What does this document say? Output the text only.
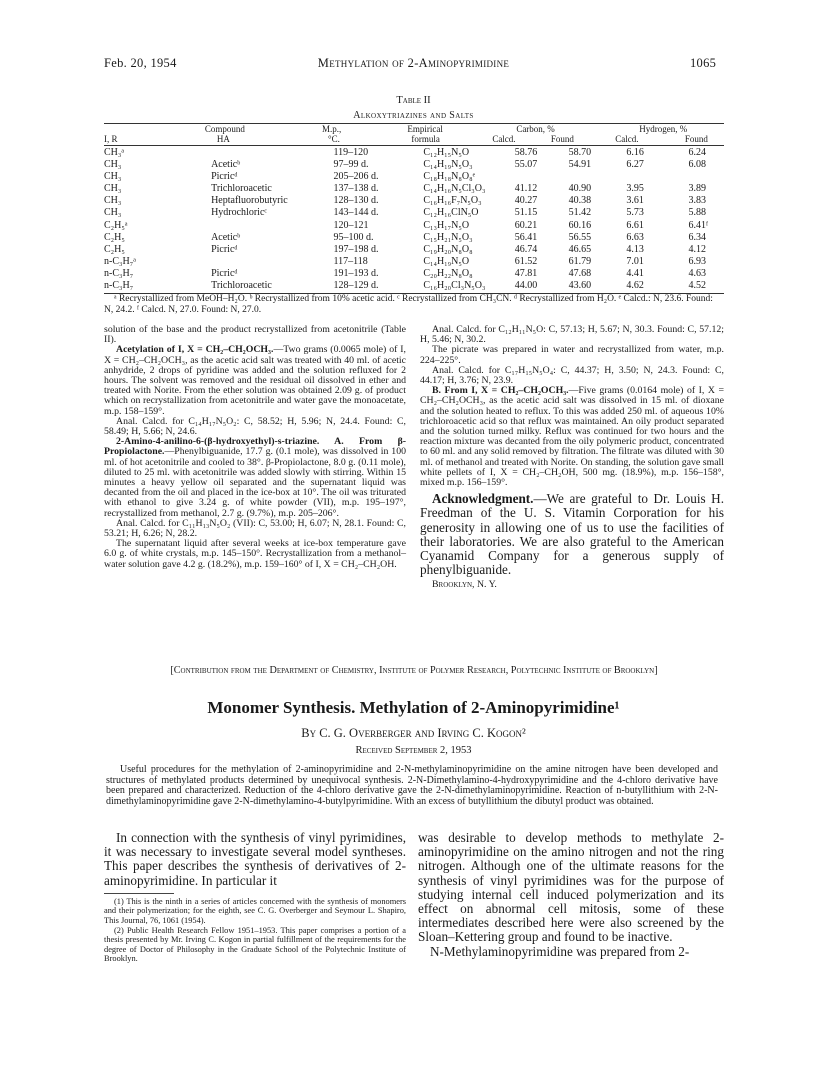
Feb. 20, 1954	Methylation of 2-Aminopyrimidine	1065
Table II
Alkoxytriazines and Salts
	Compound	M.p.,	Empirical	Carbon, %		Hydrogen, %	
I, R	HA	°C.	formula	Calcd.	Found	Calcd.	Found
CH₃ᵃ		119–120	C₁₂H₁₅N₅O	58.76	58.70	6.16	6.24
CH₃	Aceticᵇ	97–99 d.	C₁₄H₁₉N₅O₃	55.07	54.91	6.27	6.08
CH₃	Picricᵈ	205–206 d.	C₁₈H₁₈N₈O₈ᵉ				
CH₃	Trichloroacetic	137–138 d.	C₁₄H₁₆N₅Cl₃O₃	41.12	40.90	3.95	3.89
CH₃	Heptafluorobutyric	128–130 d.	C₁₆H₁₆F₇N₅O₃	40.27	40.38	3.61	3.83
CH₃	Hydrochloricᶜ	143–144 d.	C₁₂H₁₆ClN₅O	51.15	51.42	5.73	5.88
C₂H₅ᵃ		120–121	C₁₃H₁₇N₅O	60.21	60.16	6.61	6.41ᶠ
C₂H₅	Aceticᵇ	95–100 d.	C₁₅H₂₁N₅O₃	56.41	56.55	6.63	6.34
C₂H₅	Picricᵈ	197–198 d.	C₁₉H₂₀N₈O₈	46.74	46.65	4.13	4.12
n-C₃H₇ᵃ		117–118	C₁₄H₁₉N₅O	61.52	61.79	7.01	6.93
n-C₃H₇	Picricᵈ	191–193 d.	C₂₀H₂₂N₈O₈	47.81	47.68	4.41	4.63
n-C₃H₇	Trichloroacetic	128–129 d.	C₁₆H₂₀Cl₃N₅O₃	44.00	43.60	4.62	4.52
ᵃ Recrystallized from MeOH–H₂O. ᵇ Recrystallized from 10% acetic acid. ᶜ Recrystallized from CH₃CN. ᵈ Recrystallized from H₂O. ᵉ Calcd.: N, 23.6. Found: N, 24.2. ᶠ Calcd. N, 27.0. Found: N, 27.0.

solution of the base and the product recrystallized from acetonitrile (Table II).

Acetylation of I, X = CH₂–CH₂OCH₃.—Two grams (0.0065 mole) of I, X = CH₂–CH₂OCH₃, as the acetic acid salt was treated with 40 ml. of acetic anhydride, 2 drops of pyridine was added and the solution refluxed for 2 hours. The solvent was removed and the residual oil dissolved in ether and treated with Norite. From the ether solution was obtained 2.09 g. of product which on recrystallization from acetonitrile and water gave the monoacetate, m.p. 158–159°.

Anal. Calcd. for C₁₄H₁₇N₅O₂: C, 58.52; H, 5.96; N, 24.4. Found: C, 58.49; H, 5.66; N, 24.6.

2-Amino-4-anilino-6-(β-hydroxyethyl)-s-triazine. A. From β-Propiolactone.—Phenylbiguanide, 17.7 g. (0.1 mole), was dissolved in 100 ml. of hot acetonitrile and cooled to 38°. β-Propiolactone, 8.0 g. (0.11 mole), diluted to 25 ml. with acetonitrile was added slowly with stirring. Within 15 minutes a heavy yellow oil separated and the supernatant liquid was decanted from the oil and placed in the ice-box at 10°. The oil was triturated with ethanol to give 3.24 g. of white powder (VII), m.p. 195–197°, recrystallized from methanol, 2.7 g. (9.7%), m.p. 205–206°.

Anal. Calcd. for C₁₁H₁₃N₅O₂ (VII): C, 53.00; H, 6.07; N, 28.1. Found: C, 53.21; H, 6.26; N, 28.2.

The supernatant liquid after several weeks at ice-box temperature gave 6.0 g. of white crystals, m.p. 145–150°. Recrystallization from a methanol–water solution gave 4.2 g. (18.2%), m.p. 159–160° of I, X = CH₂–CH₂OH.

Anal. Calcd. for C₁₂H₁₁N₅O: C, 57.13; H, 5.67; N, 30.3. Found: C, 57.12; H, 5.46; N, 30.2.

The picrate was prepared in water and recrystallized from water, m.p. 224–225°.

Anal. Calcd. for C₁₇H₁₅N₅O₄: C, 44.37; H, 3.50; N, 24.3. Found: C, 44.17; H, 3.76; N, 23.9.

B. From I, X = CH₂–CH₂OCH₃.—Five grams (0.0164 mole) of I, X = CH₂–CH₂OCH₃, as the acetic acid salt was dissolved in 15 ml. of dioxane and the solution heated to reflux. To this was added 250 ml. of aqueous 10% trichloroacetic acid so that reflux was maintained. An oily product separated and the solution turned milky. Reflux was continued for two hours and the reaction mixture was decanted from the oily polymeric product, concentrated to 60 ml. and any solid removed by filtration. The filtrate was diluted with 30 ml. of methanol and treated with Norite. On standing, the solution gave small white pellets of I, X = CH₂–CH₂OH, 500 mg. (18.9%), m.p. 156–158°, mixed m.p. 156–159°.

Acknowledgment.—We are grateful to Dr. Louis H. Freedman of the U. S. Vitamin Corporation for his generosity in allowing one of us to use the facilities of their laboratories. We are also grateful to the American Cyanamid Company for a generous supply of phenylbiguanide.

Brooklyn, N. Y.

[Contribution from the Department of Chemistry, Institute of Polymer Research, Polytechnic Institute of Brooklyn]
Monomer Synthesis. Methylation of 2-Aminopyrimidine¹
By C. G. Overberger and Irving C. Kogon²
Received September 2, 1953

Useful procedures for the methylation of 2-aminopyrimidine and 2-N-methylaminopyrimidine on the amine nitrogen have been developed and structures of methylated products determined by unequivocal synthesis. 2-N-Dimethylamino-4-hydroxypyrimidine and the 4-chloro derivative have been prepared and characterized. Reduction of the 4-chloro derivative gave the 2-N-dimethylaminopyrimidine. Reaction of n-butyllithium with 2-N-dimethylaminopyrimidine gave 2-N-dimethylamino-4-butylpyrimidine. With an excess of butyllithium the dibutyl product was obtained.

In connection with the synthesis of vinyl pyrimidines, it was necessary to investigate several model syntheses. This paper describes the synthesis of derivatives of 2-aminopyrimidine. In particular it

(1) This is the ninth in a series of articles concerned with the synthesis of monomers and their polymerization; for the eighth, see C. G. Overberger and Seymour L. Shapiro, This Journal, 76, 1061 (1954).

(2) Public Health Research Fellow 1951–1953. This paper comprises a portion of a thesis presented by Mr. Irving C. Kogon in partial fulfillment of the requirements for the degree of Doctor of Philosophy in the Graduate School of the Polytechnic Institute of Brooklyn.

was desirable to develop methods to methylate 2-aminopyrimidine on the amino nitrogen and not the ring nitrogen. Although one of the ultimate reasons for the synthesis of vinyl pyrimidines was for the purpose of studying internal cell induced polymerization and its effect on abnormal cell mitosis, some of these intermediates described here were also screened by the Sloan–Kettering group and found to be inactive.

N-Methylaminopyrimidine was prepared from 2-
